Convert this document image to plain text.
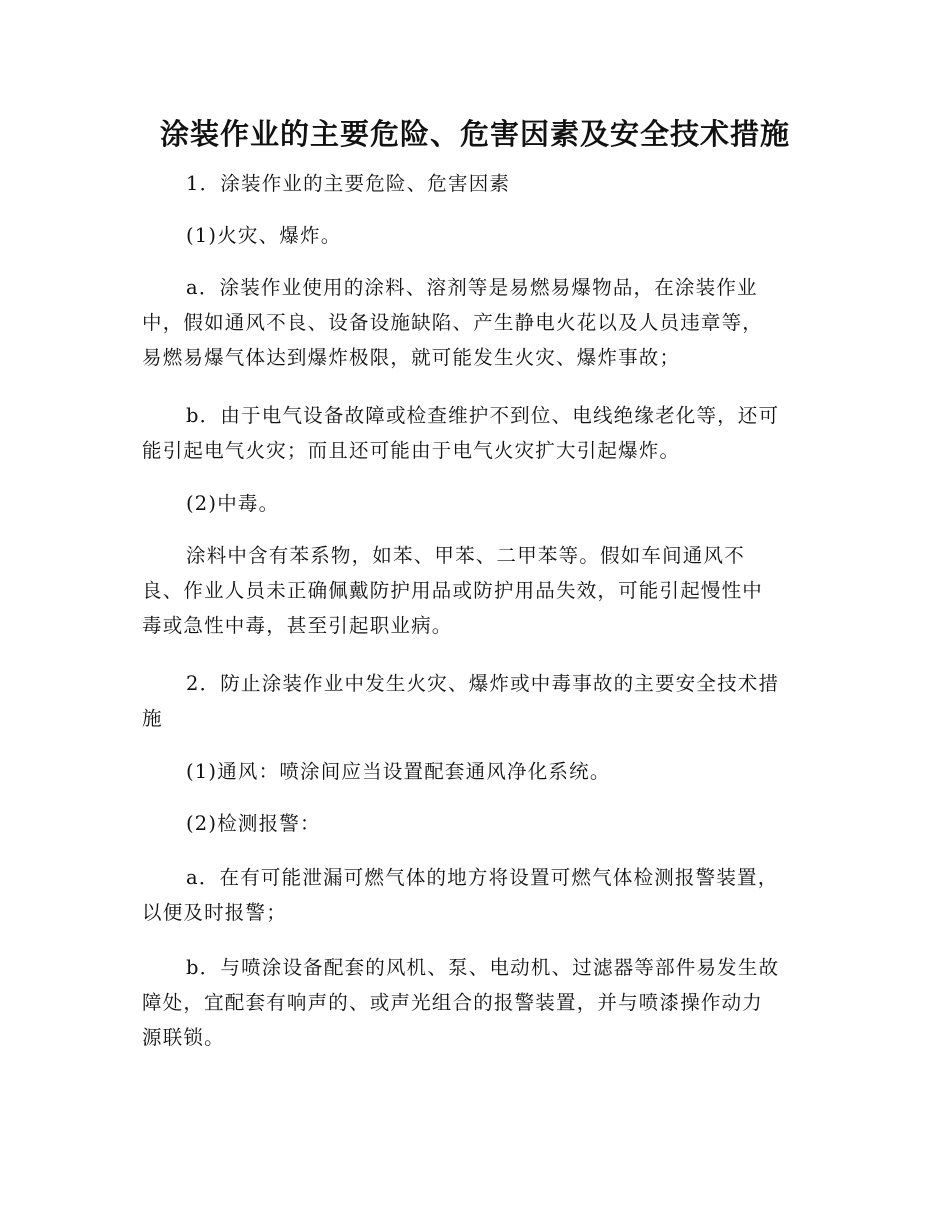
涂装作业的主要危险、危害因素及安全技术措施
1．涂装作业的主要危险、危害因素
(1)火灾、爆炸。
a．涂装作业使用的涂料、溶剂等是易燃易爆物品，在涂装作业
中，假如通风不良、设备设施缺陷、产生静电火花以及人员违章等，
易燃易爆气体达到爆炸极限，就可能发生火灾、爆炸事故；
b．由于电气设备故障或检查维护不到位、电线绝缘老化等，还可
能引起电气火灾；而且还可能由于电气火灾扩大引起爆炸。
(2)中毒。
涂料中含有苯系物，如苯、甲苯、二甲苯等。假如车间通风不
良、作业人员未正确佩戴防护用品或防护用品失效，可能引起慢性中
毒或急性中毒，甚至引起职业病。
2．防止涂装作业中发生火灾、爆炸或中毒事故的主要安全技术措
施
(1)通风：喷涂间应当设置配套通风净化系统。
(2)检测报警：
a．在有可能泄漏可燃气体的地方将设置可燃气体检测报警装置，
以便及时报警；
b．与喷涂设备配套的风机、泵、电动机、过滤器等部件易发生故
障处，宜配套有响声的、或声光组合的报警装置，并与喷漆操作动力
源联锁。
